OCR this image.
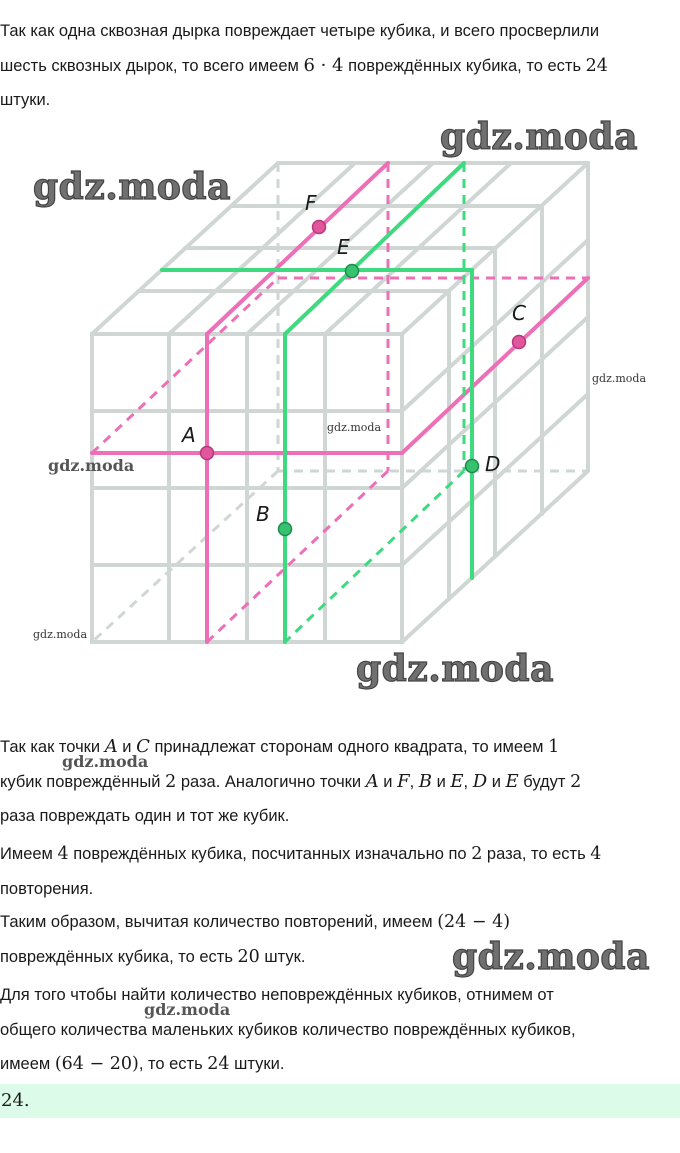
Так как одна сквозная дырка повреждает четыре кубика, и всего просверлили
шесть сквозных дырок, то всего имеем 6 · 4 повреждённых кубика, то есть 24
штуки.
A
B
C
D
E
F
gdz.moda
gdz.moda
gdz.moda
gdz.moda
gdz.moda
gdz.moda
gdz.moda
Так как точки A и C принадлежат сторонам одного квадрата, то имеем 1
кубик повреждённый 2 раза. Аналогично точки A и F, B и E, D и E будут 2
раза повреждать один и тот же кубик.
Имеем 4 повреждённых кубика, посчитанных изначально по 2 раза, то есть 4
повторения.
Таким образом, вычитая количество повторений, имеем (24 − 4)
повреждённых кубика, то есть 20 штук.
Для того чтобы найти количество неповреждённых кубиков, отнимем от
общего количества маленьких кубиков количество повреждённых кубиков,
имеем (64 − 20), то есть 24 штуки.
gdz.moda
gdz.moda
gdz.moda
24.
